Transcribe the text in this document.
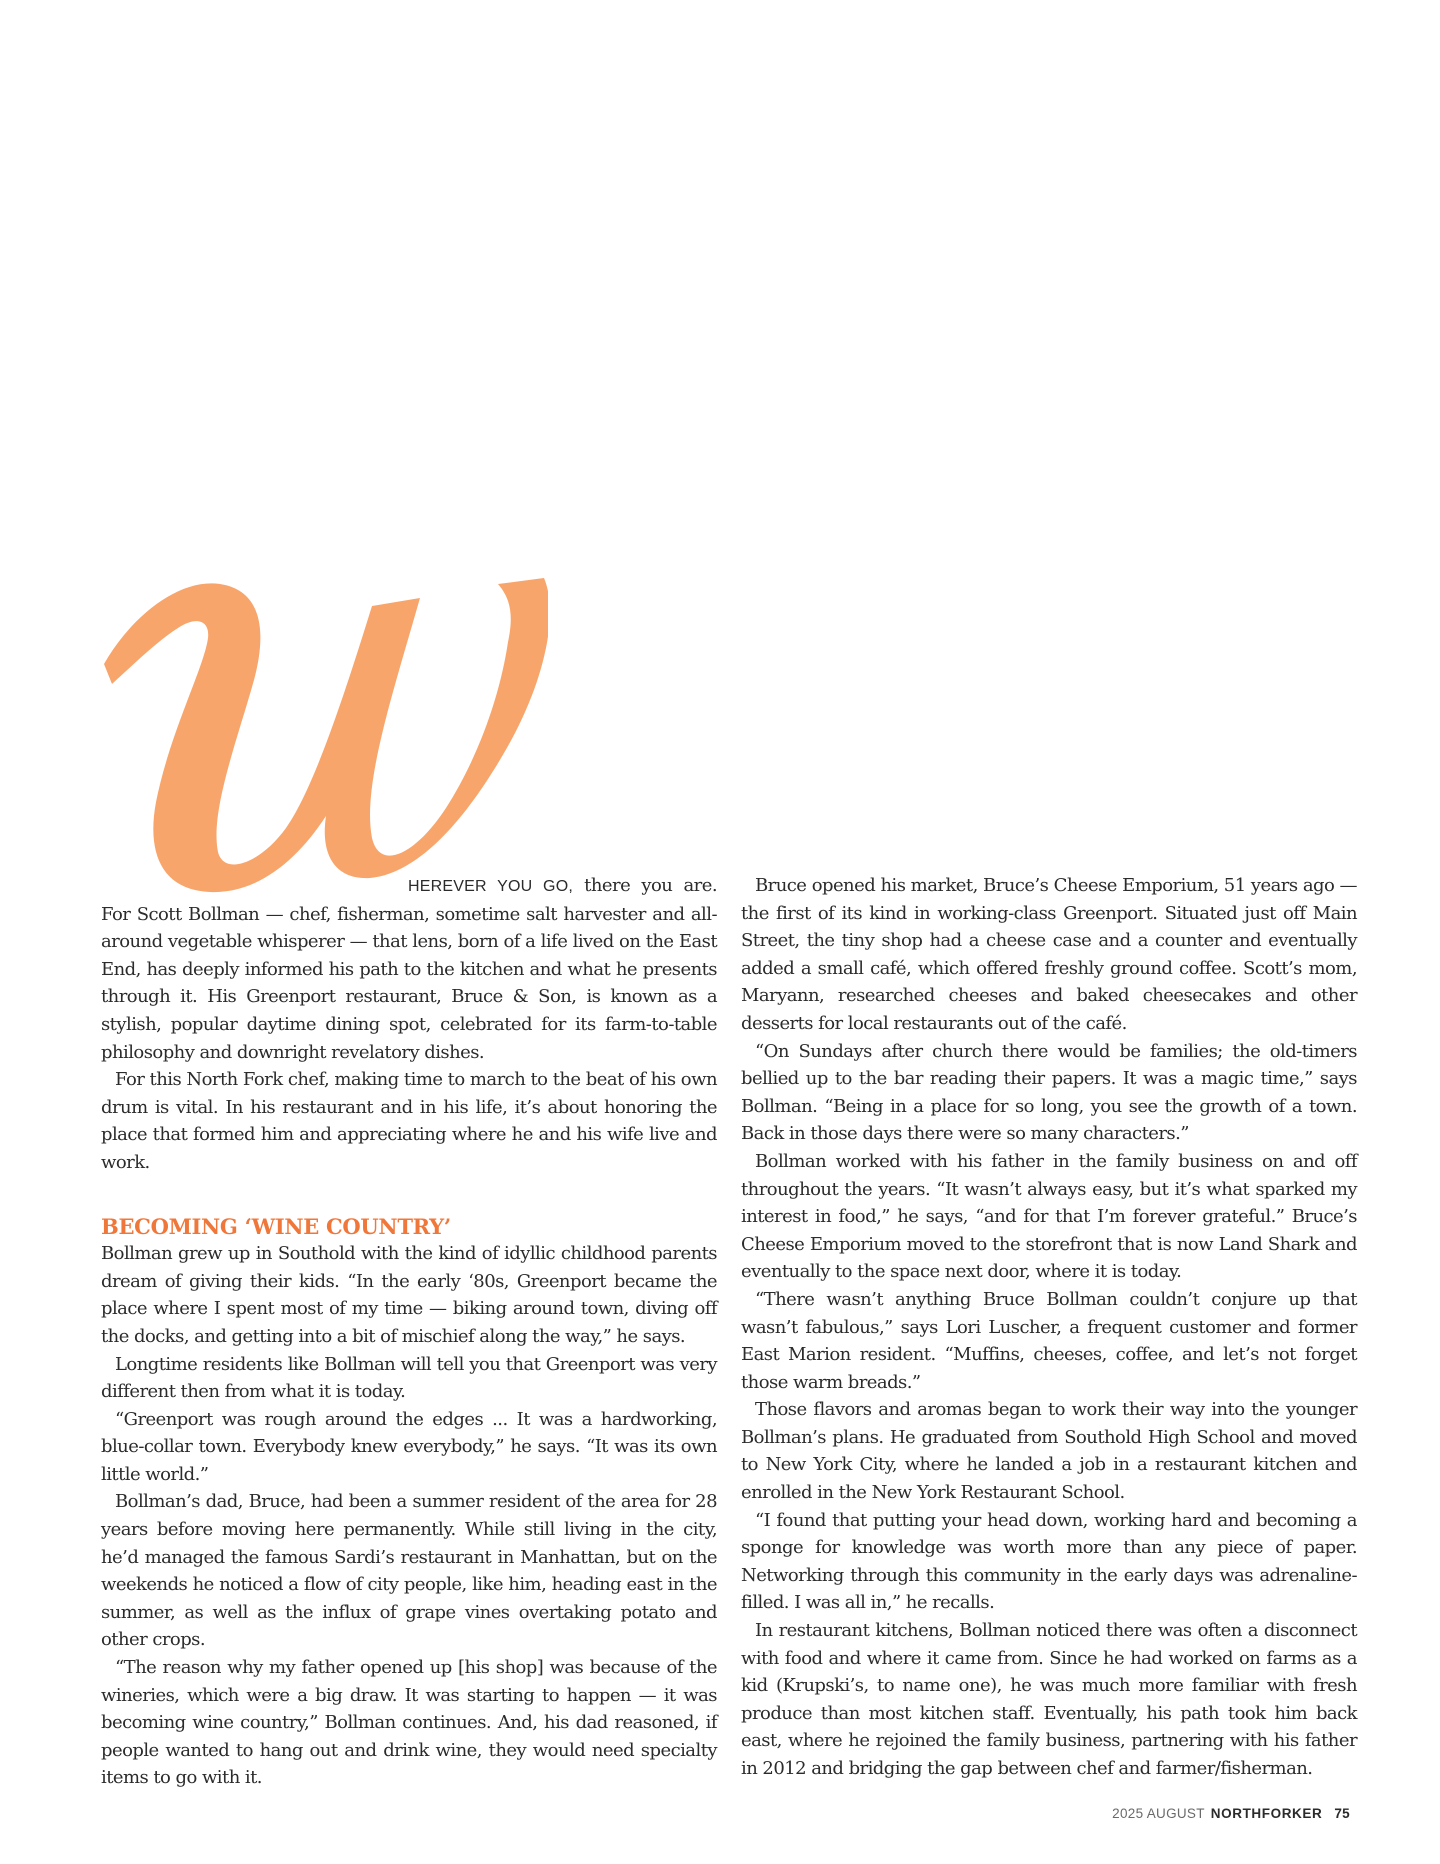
HEREVER YOU GO, there you are. For Scott Bollman — chef, fisherman, sometime salt harvester and all-around vegetable whisperer — that lens, born of a life lived on the East End, has deeply informed his path to the kitchen and what he presents through it. His Greenport restaurant, Bruce & Son, is known as a stylish, popular daytime dining spot, celebrated for its farm-to-table philosophy and downright revelatory dishes.

For this North Fork chef, making time to march to the beat of his own drum is vital. In his restaurant and in his life, it’s about honoring the place that formed him and appreciating where he and his wife live and work.

BECOMING ‘WINE COUNTRY’

Bollman grew up in Southold with the kind of idyllic childhood parents dream of giving their kids. “In the early ‘80s, Greenport became the place where I spent most of my time — biking around town, diving off the docks, and getting into a bit of mischief along the way,” he says.

Longtime residents like Bollman will tell you that Greenport was very different then from what it is today.

“Greenport was rough around the edges ... It was a hardworking, blue-collar town. Everybody knew everybody,” he says. “It was its own little world.”

Bollman’s dad, Bruce, had been a summer resident of the area for 28 years before moving here permanently. While still living in the city, he’d managed the famous Sardi’s restaurant in Manhattan, but on the weekends he noticed a flow of city people, like him, heading east in the summer, as well as the influx of grape vines overtaking potato and other crops.

“The reason why my father opened up [his shop] was because of the wineries, which were a big draw. It was starting to happen — it was becoming wine country,” Bollman continues. And, his dad reasoned, if people wanted to hang out and drink wine, they would need specialty items to go with it.

Bruce opened his market, Bruce’s Cheese Emporium, 51 years ago — the first of its kind in working-class Greenport. Situated just off Main Street, the tiny shop had a cheese case and a counter and eventually added a small café, which offered freshly ground coffee. Scott’s mom, Maryann, researched cheeses and baked cheesecakes and other desserts for local restaurants out of the café.

“On Sundays after church there would be families; the old-timers bellied up to the bar reading their papers. It was a magic time,” says Bollman. “Being in a place for so long, you see the growth of a town. Back in those days there were so many characters.”

Bollman worked with his father in the family business on and off throughout the years. “It wasn’t always easy, but it’s what sparked my interest in food,” he says, “and for that I’m forever grateful.” Bruce’s Cheese Emporium moved to the storefront that is now Land Shark and eventually to the space next door, where it is today.

“There wasn’t anything Bruce Bollman couldn’t conjure up that wasn’t fabulous,” says Lori Luscher, a frequent customer and former East Marion resident. “Muffins, cheeses, coffee, and let’s not forget those warm breads.”

Those flavors and aromas began to work their way into the younger Bollman’s plans. He graduated from Southold High School and moved to New York City, where he landed a job in a restaurant kitchen and enrolled in the New York Restaurant School.

“I found that putting your head down, working hard and becoming a sponge for knowledge was worth more than any piece of paper. Networking through this community in the early days was adrenaline-filled. I was all in,” he recalls.

In restaurant kitchens, Bollman noticed there was often a disconnect with food and where it came from. Since he had worked on farms as a kid (Krupski’s, to name one), he was much more familiar with fresh produce than most kitchen staff. Eventually, his path took him back east, where he rejoined the family business, partnering with his father in 2012 and bridging the gap between chef and farmer/fisherman.

2025 AUGUST NORTHFORKER 75
